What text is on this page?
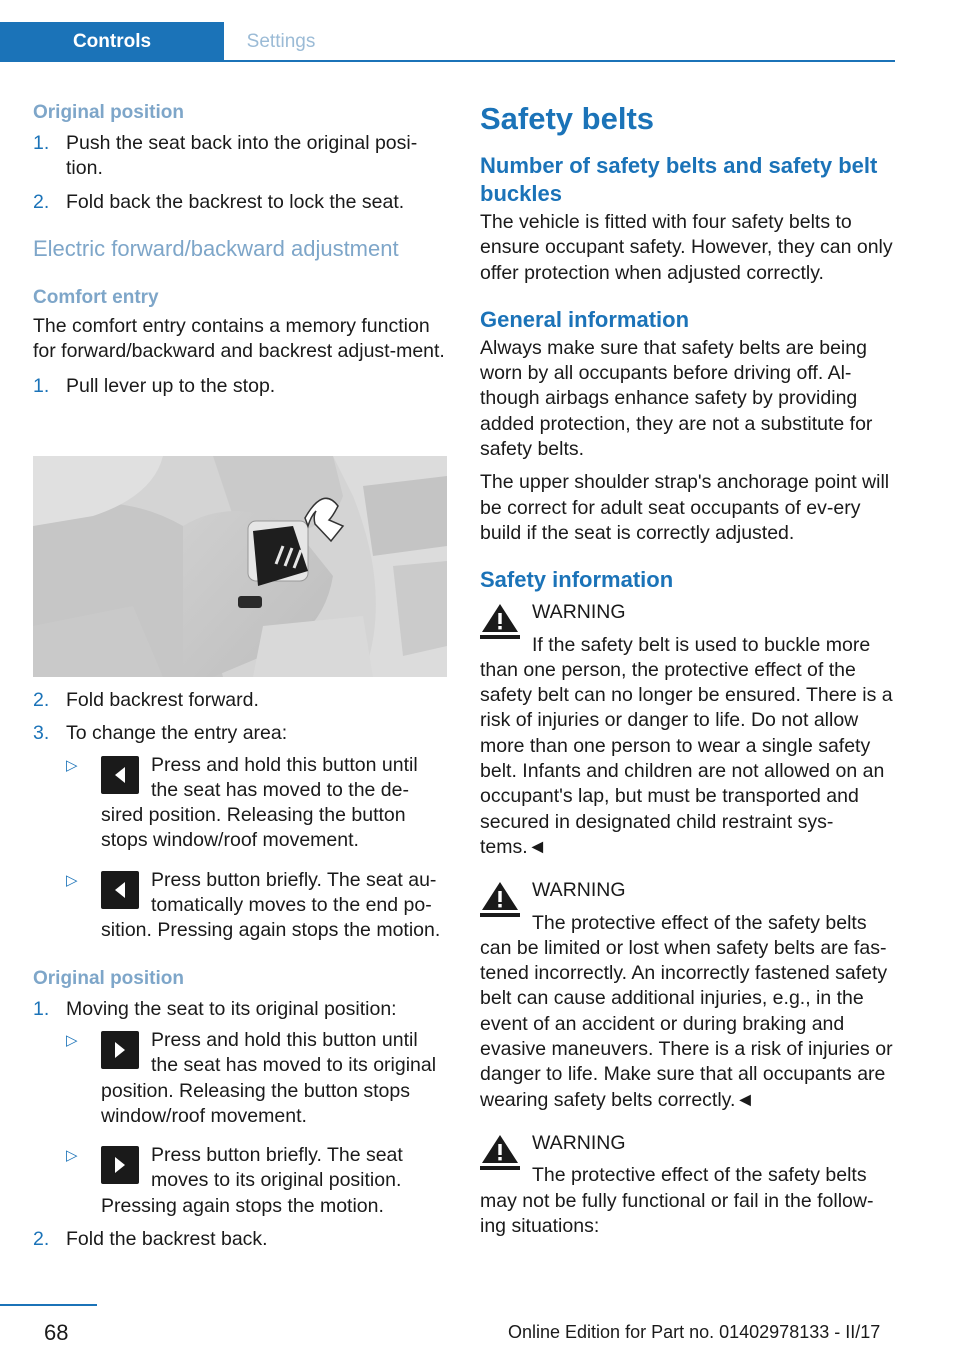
Controls	Settings

Original position

1. Push the seat back into the original posi-
tion.
2. Fold back the backrest to lock the seat.

Electric forward/backward adjustment

Comfort entry

The comfort entry contains a memory function for forward/backward and backrest adjust-ment.

1. Pull lever up to the stop.
2. Fold backrest forward.
3. To change the entry area:
▷	Press and hold this button until the seat has moved to the de-sired position. Releasing the button stops window/roof movement.
▷	Press button briefly. The seat au-tomatically moves to the end po-sition. Pressing again stops the motion.

Original position

1. Moving the seat to its original position:
▷	Press and hold this button until the seat has moved to its original position. Releasing the button stops window/roof movement.
▷	Press button briefly. The seat moves to its original position. Pressing again stops the motion.
2. Fold the backrest back.

Safety belts

Number of safety belts and safety belt buckles

The vehicle is fitted with four safety belts to ensure occupant safety. However, they can only offer protection when adjusted correctly.

General information

Always make sure that safety belts are being worn by all occupants before driving off. Al-though airbags enhance safety by providing added protection, they are not a substitute for safety belts.

The upper shoulder strap's anchorage point will be correct for adult seat occupants of ev-ery build if the seat is correctly adjusted.

Safety information

WARNING
If the safety belt is used to buckle more than one person, the protective effect of the safety belt can no longer be ensured. There is a risk of injuries or danger to life. Do not allow more than one person to wear a single safety belt. Infants and children are not allowed on an occupant's lap, but must be transported and secured in designated child restraint sys-tems.◄
WARNING
The protective effect of the safety belts can be limited or lost when safety belts are fas-tened incorrectly. An incorrectly fastened safety belt can cause additional injuries, e.g., in the event of an accident or during braking and evasive maneuvers. There is a risk of injuries or danger to life. Make sure that all occupants are wearing safety belts correctly.◄
WARNING
The protective effect of the safety belts may not be fully functional or fail in the follow-ing situations:
68	Online Edition for Part no. 01402978133 - II/17
